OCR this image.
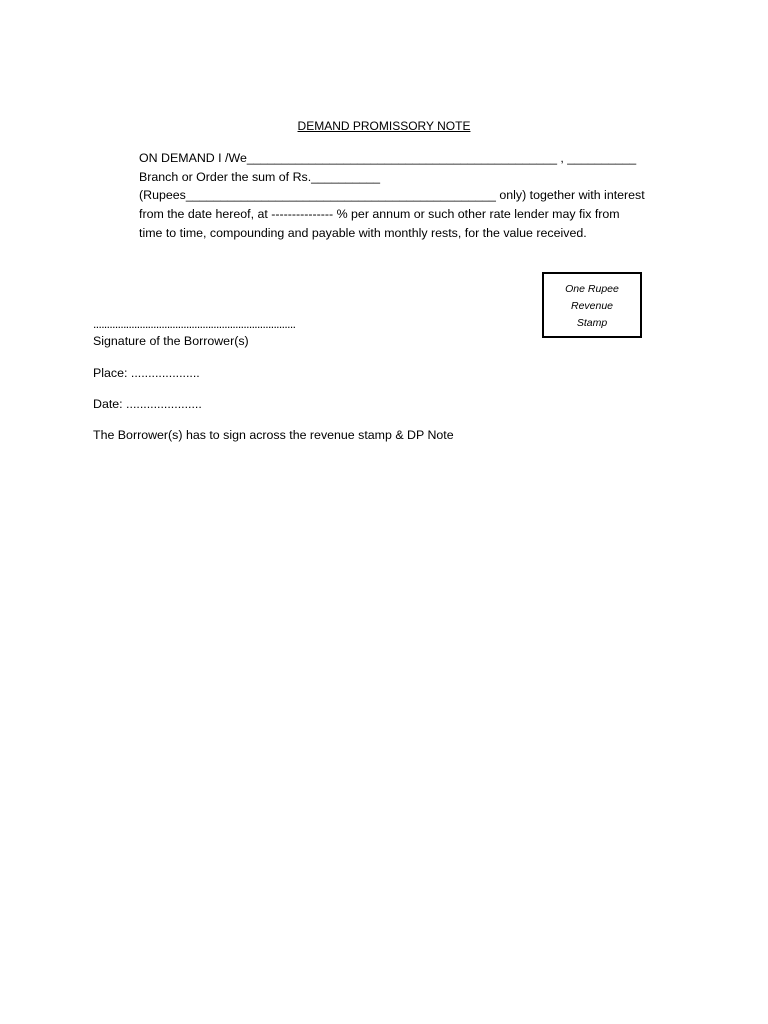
DEMAND PROMISSORY NOTE
ON DEMAND I /We_____________________________________________ , __________
Branch or Order the sum of Rs.__________
(Rupees_____________________________________________ only) together with interest
from the date hereof, at --------------- % per annum or such other rate lender may fix from
time to time, compounding and payable with monthly rests, for the value received.
One Rupee
Revenue
Stamp
..........................................................................
Signature of the Borrower(s)
Place: ....................
Date: ......................
The Borrower(s) has to sign across the revenue stamp & DP Note
